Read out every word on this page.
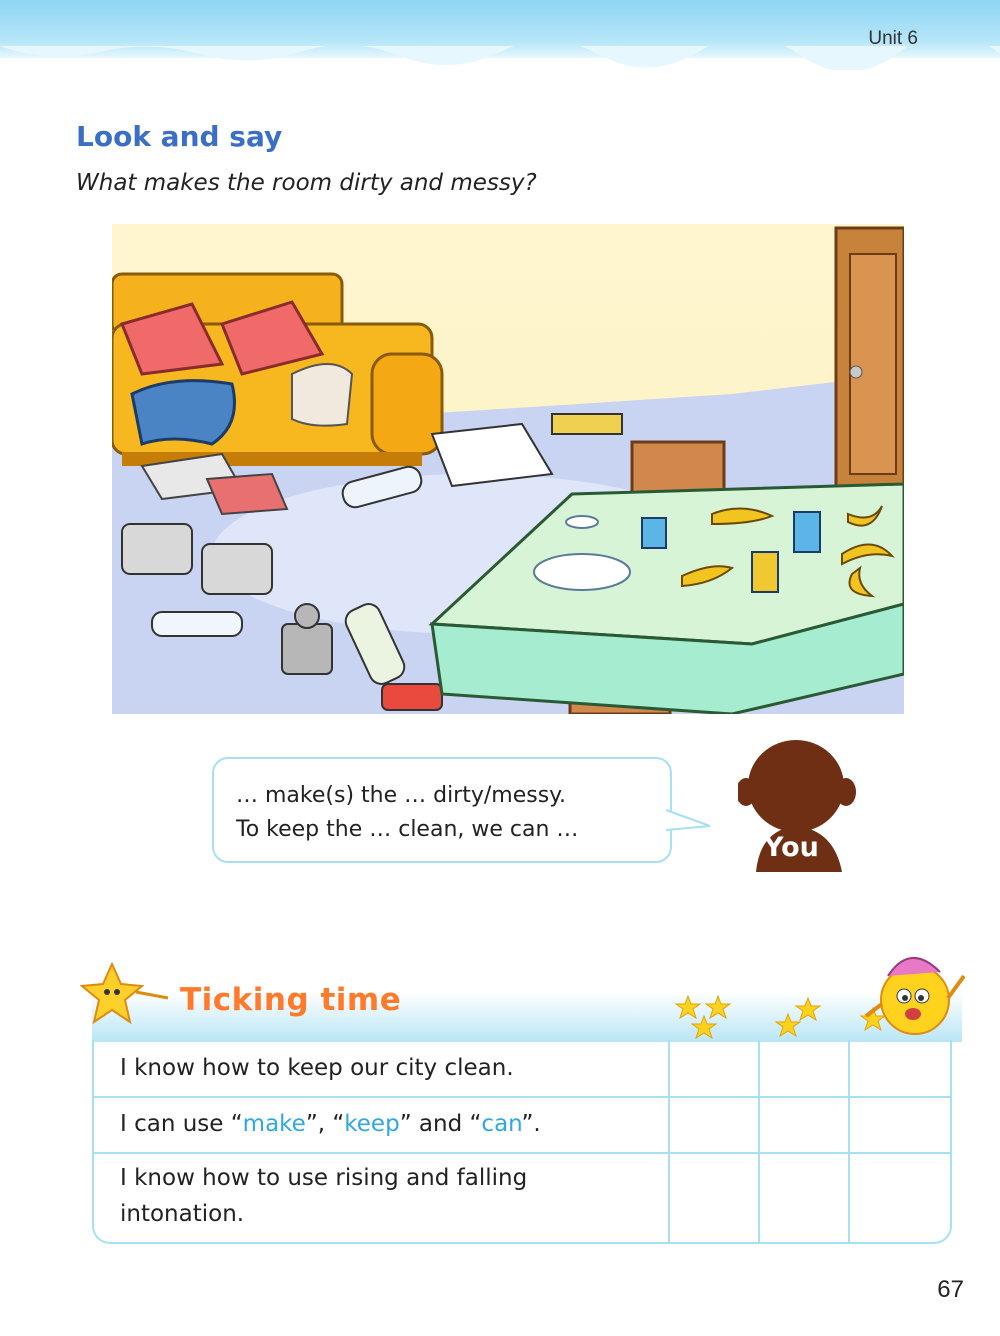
Unit 6
Look and say
What makes the room dirty and messy?
… make(s) the … dirty/messy.
To keep the … clean, we can …
You
Ticking time
I know how to keep our city clean.
I can use “make”, “keep” and “can”.
I know how to use rising and falling
intonation.
67
